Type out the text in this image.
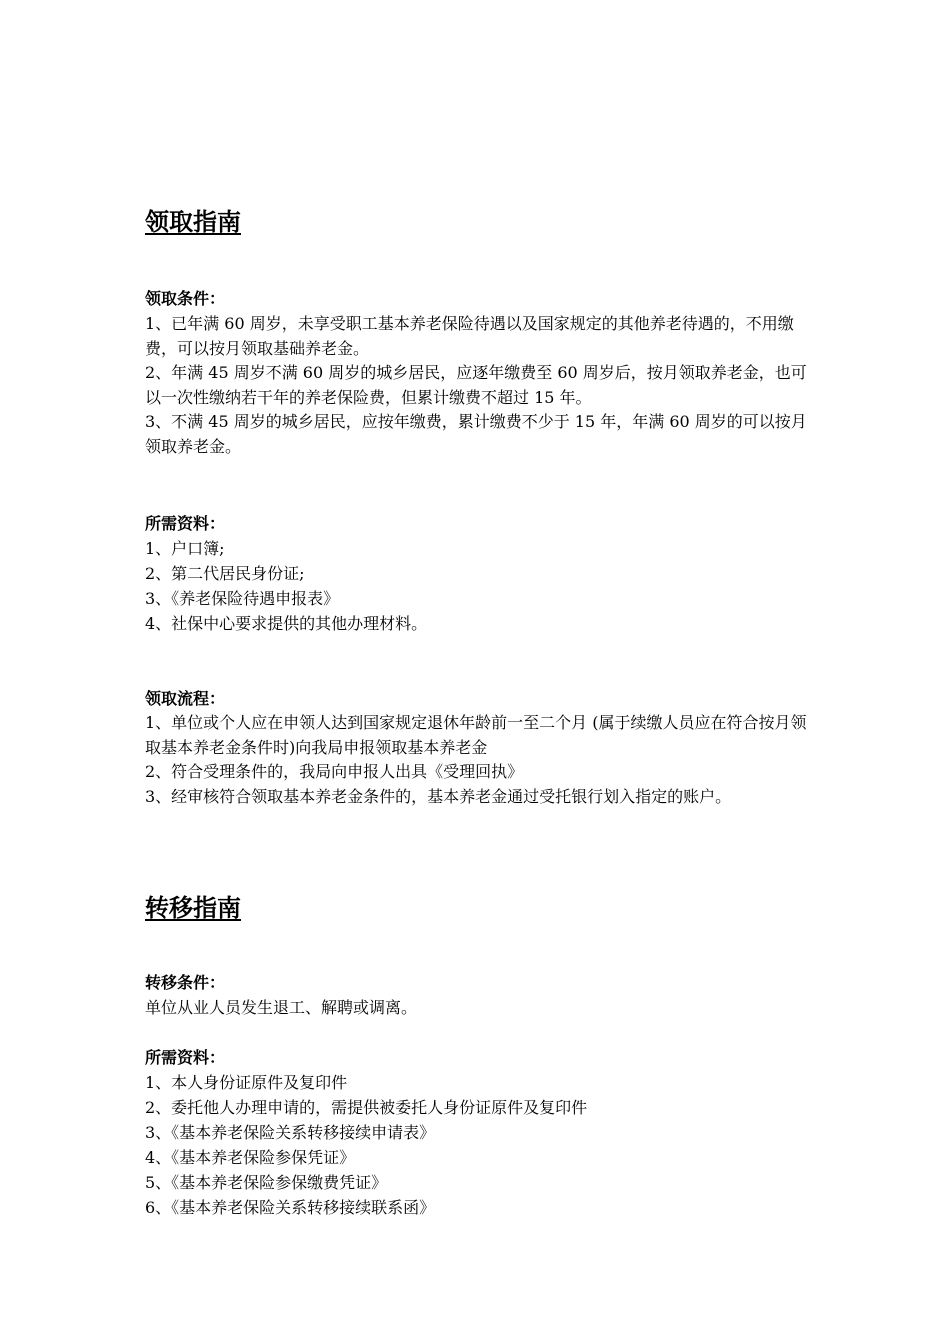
领取指南
领取条件：
1、已年满 60 周岁，未享受职工基本养老保险待遇以及国家规定的其他养老待遇的，不用缴费，可以按月领取基础养老金。
2、年满 45 周岁不满 60 周岁的城乡居民，应逐年缴费至 60 周岁后，按月领取养老金，也可以一次性缴纳若干年的养老保险费，但累计缴费不超过 15 年。
3、不满 45 周岁的城乡居民，应按年缴费，累计缴费不少于 15 年，年满 60 周岁的可以按月领取养老金。
所需资料：
1、户口簿;
2、第二代居民身份证;
3、《养老保险待遇申报表》
4、社保中心要求提供的其他办理材料。
领取流程：
1、单位或个人应在申领人达到国家规定退休年龄前一至二个月 (属于续缴人员应在符合按月领取基本养老金条件时)向我局申报领取基本养老金
2、符合受理条件的，我局向申报人出具《受理回执》
3、经审核符合领取基本养老金条件的，基本养老金通过受托银行划入指定的账户。
转移指南
转移条件：
单位从业人员发生退工、解聘或调离。
所需资料：
1、本人身份证原件及复印件
2、委托他人办理申请的，需提供被委托人身份证原件及复印件
3、《基本养老保险关系转移接续申请表》
4、《基本养老保险参保凭证》
5、《基本养老保险参保缴费凭证》
6、《基本养老保险关系转移接续联系函》
